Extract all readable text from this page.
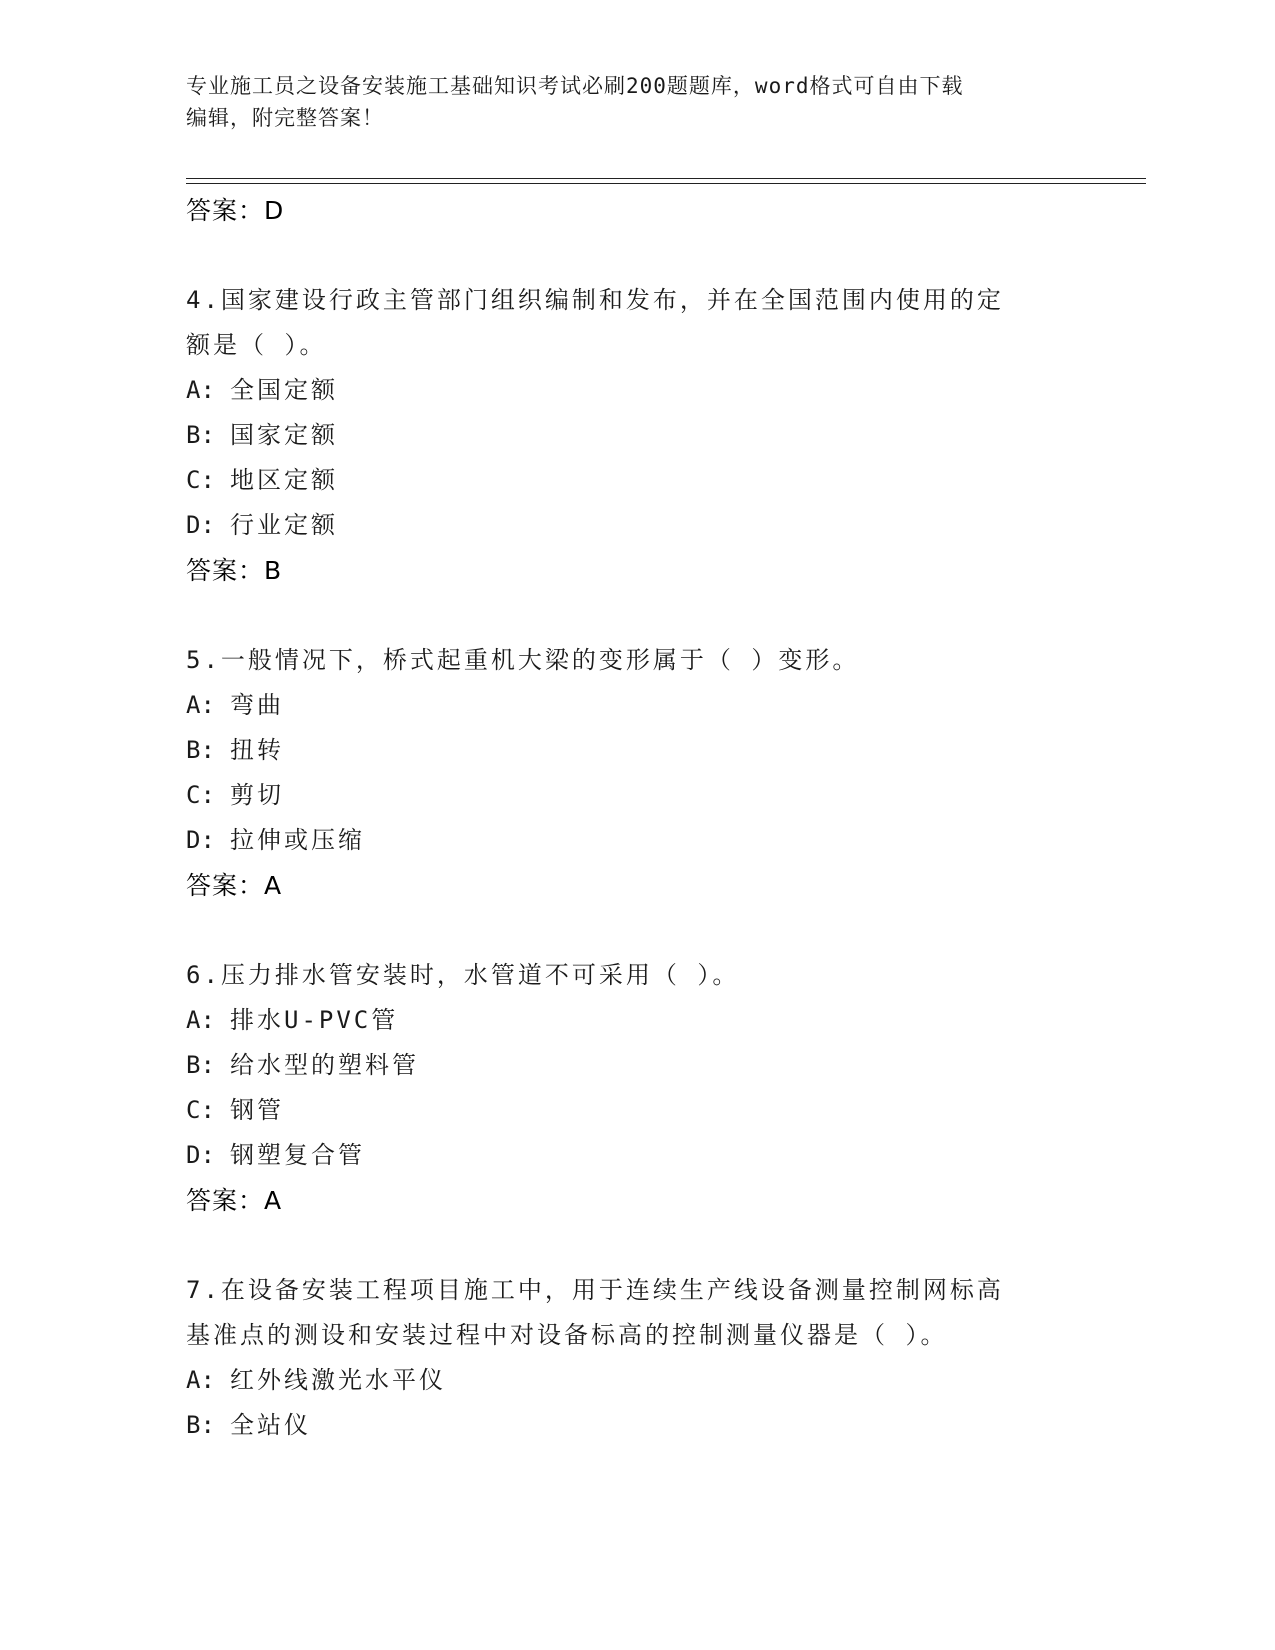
专业施工员之设备安装施工基础知识考试必刷200题题库，word格式可自由下载
编辑，附完整答案！
答案：D
4.国家建设行政主管部门组织编制和发布，并在全国范围内使用的定
额是（ ）。
A: 全国定额
B: 国家定额
C: 地区定额
D: 行业定额
答案：B
5.一般情况下，桥式起重机大梁的变形属于（ ）变形。
A: 弯曲
B: 扭转
C: 剪切
D: 拉伸或压缩
答案：A
6.压力排水管安装时，水管道不可采用（ ）。
A: 排水U-PVC管
B: 给水型的塑料管
C: 钢管
D: 钢塑复合管
答案：A
7.在设备安装工程项目施工中，用于连续生产线设备测量控制网标高
基准点的测设和安装过程中对设备标高的控制测量仪器是（ ）。
A: 红外线激光水平仪
B: 全站仪
